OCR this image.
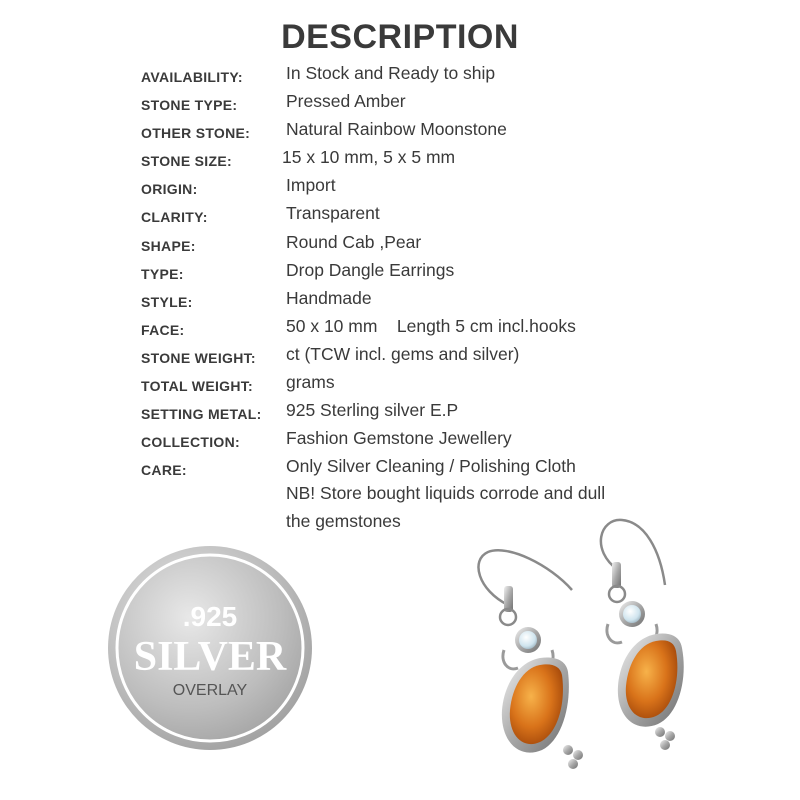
DESCRIPTION
AVAILABILITY: In Stock and Ready to ship
STONE TYPE:	Pressed Amber
OTHER STONE: Natural Rainbow Moonstone
STONE SIZE:	15 x 10 mm, 5 x 5 mm
ORIGIN:	Import
CLARITY:	Transparent
SHAPE:	Round Cab ,Pear
TYPE:	Drop Dangle Earrings
STYLE:	Handmade
FACE:	50 x 10 mm    Length 5 cm incl.hooks
STONE WEIGHT: ct (TCW incl. gems and silver)
TOTAL WEIGHT: grams
SETTING METAL: 925 Sterling silver E.P
COLLECTION:	Fashion Gemstone Jewellery
CARE:	Only Silver Cleaning / Polishing Cloth
NB! Store bought liquids corrode and dull
the gemstones
.925
SILVER
OVERLAY
